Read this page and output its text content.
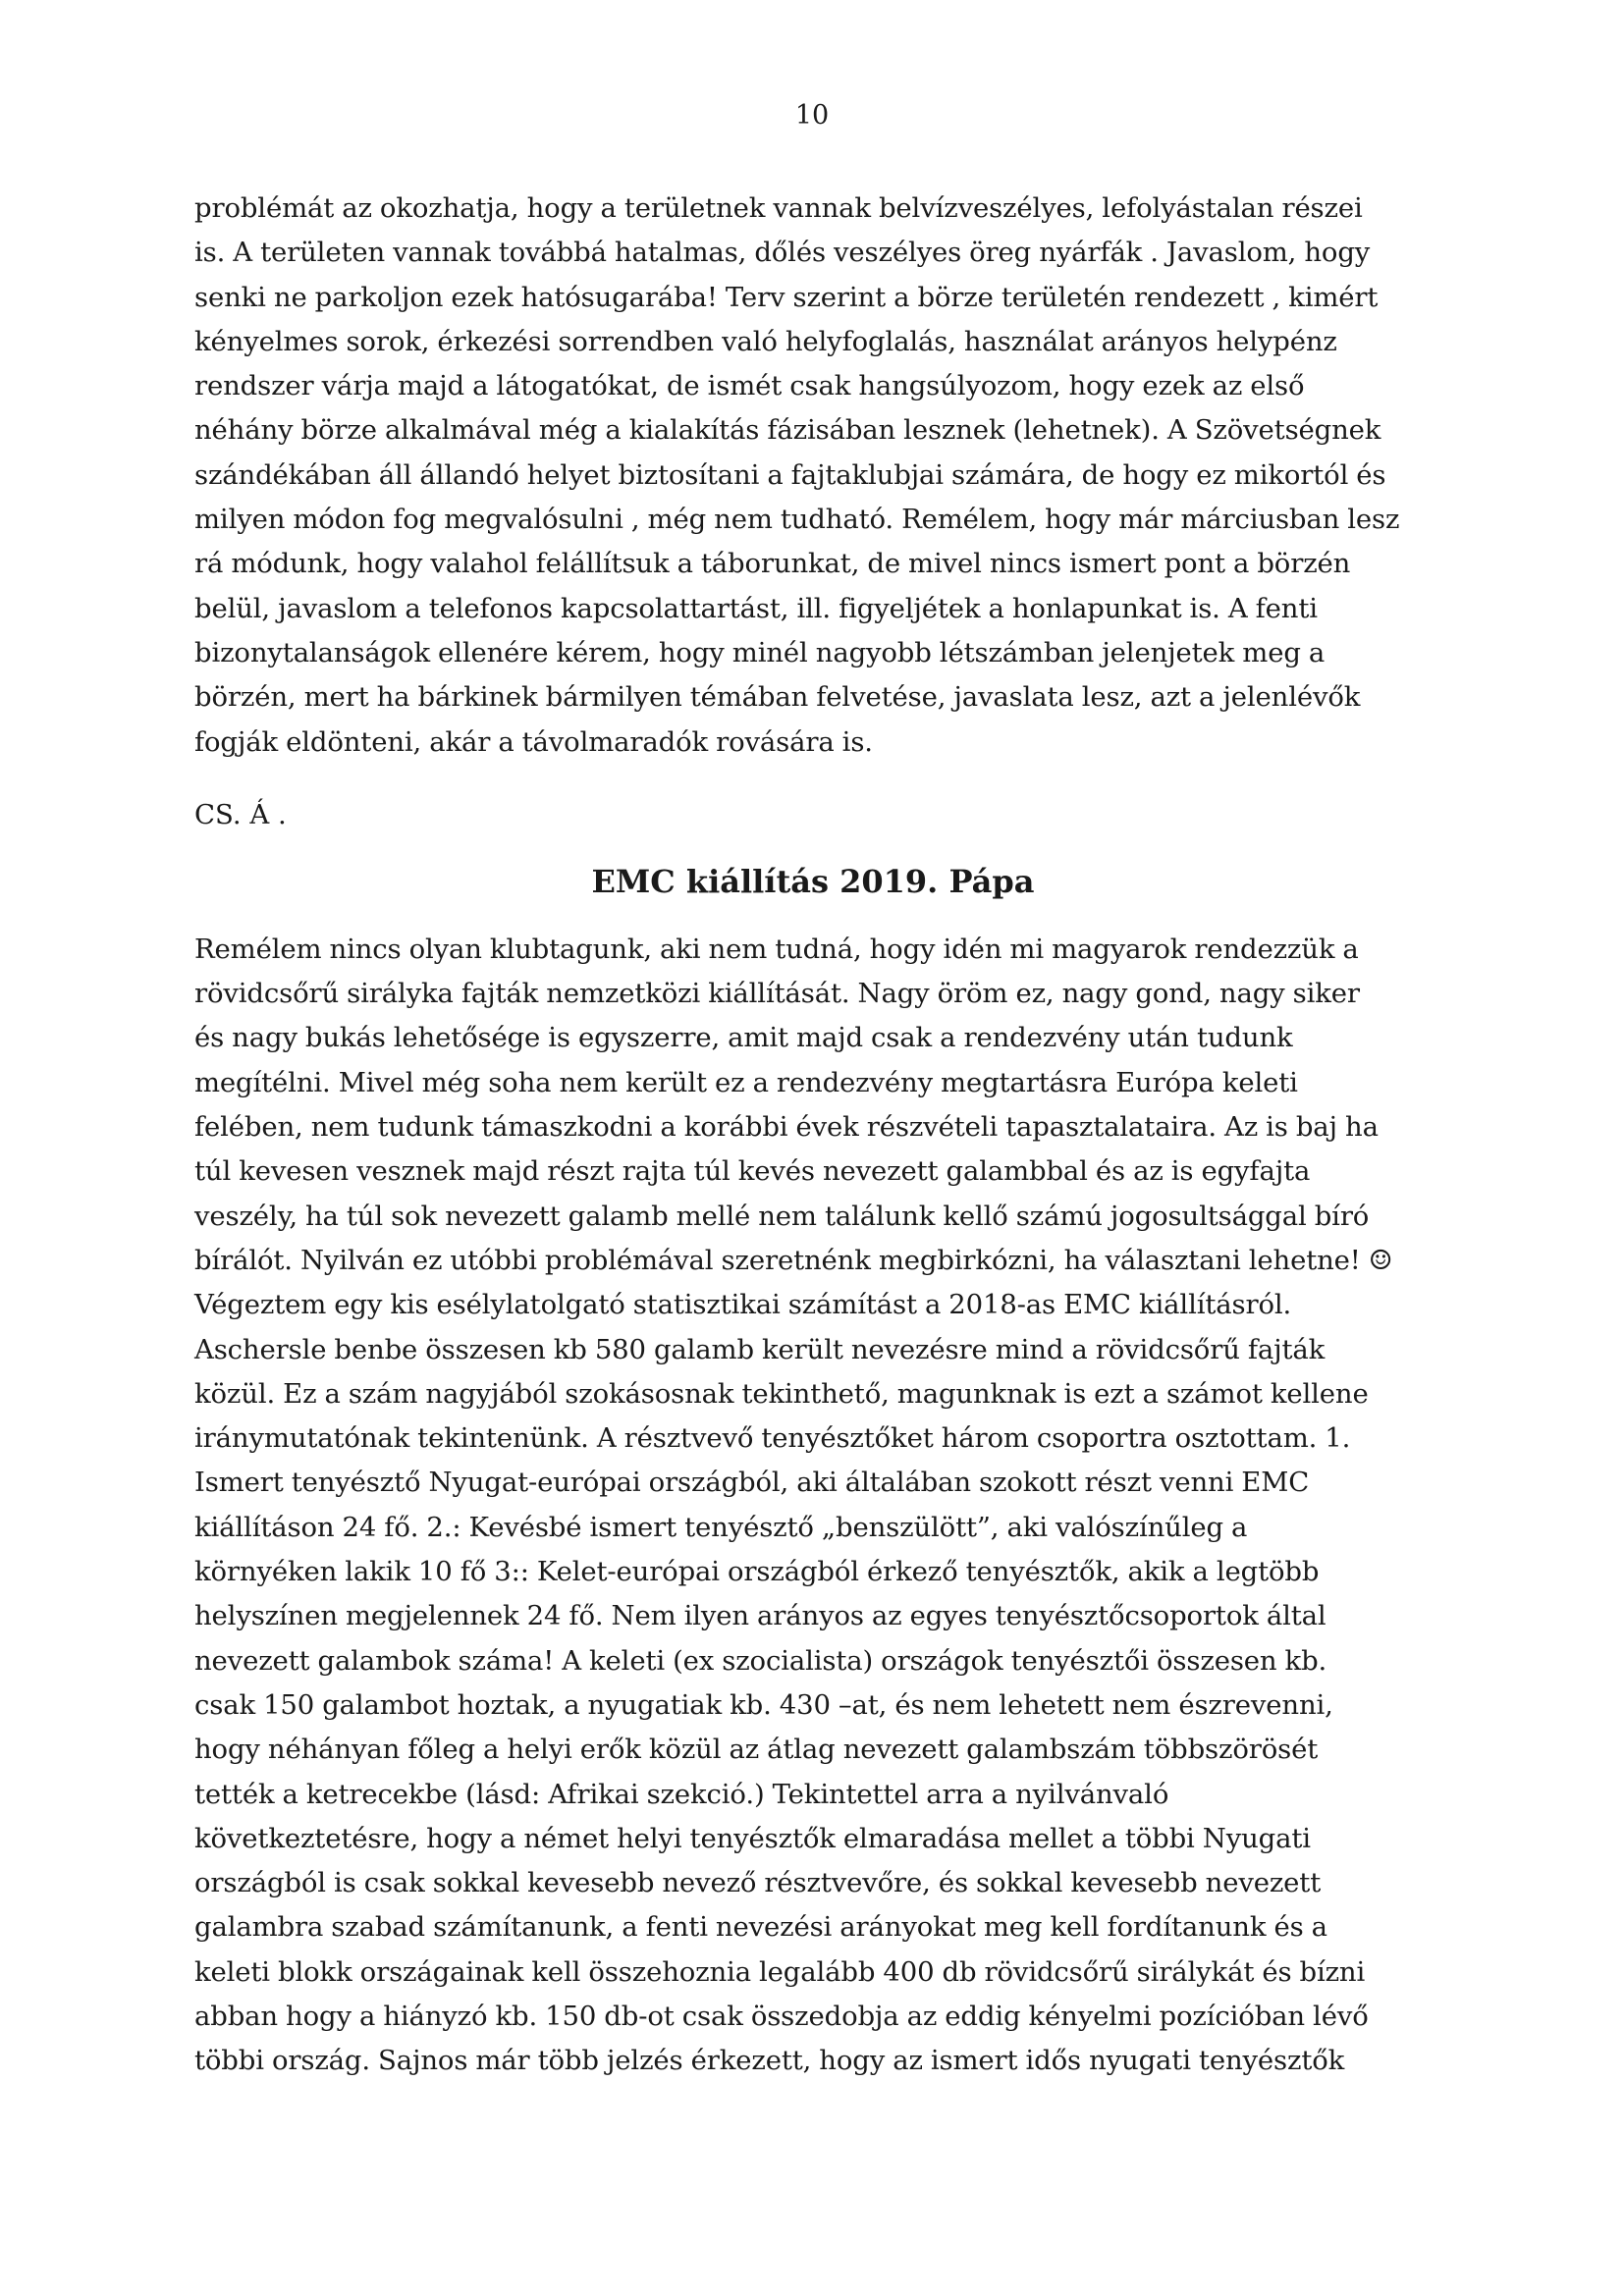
10

problémát az okozhatja, hogy a területnek vannak belvízveszélyes, lefolyástalan részei
is. A területen vannak továbbá hatalmas, dőlés veszélyes öreg nyárfák . Javaslom, hogy
senki ne parkoljon ezek hatósugarába! Terv szerint a börze területén rendezett , kimért
kényelmes sorok, érkezési sorrendben való helyfoglalás, használat arányos helypénz
rendszer várja majd a látogatókat, de ismét csak hangsúlyozom, hogy ezek az első
néhány börze alkalmával még a kialakítás fázisában lesznek (lehetnek). A Szövetségnek
szándékában áll állandó helyet biztosítani a fajtaklubjai számára, de hogy ez mikortól és
milyen módon fog megvalósulni , még nem tudható. Remélem, hogy már márciusban lesz
rá módunk, hogy valahol felállítsuk a táborunkat, de mivel nincs ismert pont a börzén
belül, javaslom a telefonos kapcsolattartást, ill. figyeljétek a honlapunkat is. A fenti
bizonytalanságok ellenére kérem, hogy minél nagyobb létszámban jelenjetek meg a
börzén, mert ha bárkinek bármilyen témában felvetése, javaslata lesz, azt a jelenlévők
fogják eldönteni, akár a távolmaradók rovására is.

CS. Á .

EMC kiállítás 2019. Pápa

Remélem nincs olyan klubtagunk, aki nem tudná, hogy idén mi magyarok rendezzük a
rövidcsőrű sirályka fajták nemzetközi kiállítását. Nagy öröm ez, nagy gond, nagy siker
és nagy bukás lehetősége is egyszerre, amit majd csak a rendezvény után tudunk
megítélni. Mivel még soha nem került ez a rendezvény megtartásra Európa keleti
felében, nem tudunk támaszkodni a korábbi évek részvételi tapasztalataira. Az is baj ha
túl kevesen vesznek majd részt rajta túl kevés nevezett galambbal és az is egyfajta
veszély, ha túl sok nevezett galamb mellé nem találunk kellő számú jogosultsággal bíró
bírálót. Nyilván ez utóbbi problémával szeretnénk megbirkózni, ha választani lehetne! ☺
Végeztem egy kis esélylatolgató statisztikai számítást a 2018-as EMC kiállításról.
Aschersle benbe összesen kb 580 galamb került nevezésre mind a rövidcsőrű fajták
közül. Ez a szám nagyjából szokásosnak tekinthető, magunknak is ezt a számot kellene
iránymutatónak tekintenünk. A résztvevő tenyésztőket három csoportra osztottam. 1.
Ismert tenyésztő Nyugat-európai országból, aki általában szokott részt venni EMC
kiállításon 24 fő. 2.: Kevésbé ismert tenyésztő „benszülött”, aki valószínűleg a
környéken lakik 10 fő 3:: Kelet-európai országból érkező tenyésztők, akik a legtöbb
helyszínen megjelennek 24 fő. Nem ilyen arányos az egyes tenyésztőcsoportok által
nevezett galambok száma! A keleti (ex szocialista) országok tenyésztői összesen kb.
csak 150 galambot hoztak, a nyugatiak kb. 430 –at, és nem lehetett nem észrevenni,
hogy néhányan főleg a helyi erők közül az átlag nevezett galambszám többszörösét
tették a ketrecekbe (lásd: Afrikai szekció.) Tekintettel arra a nyilvánvaló
következtetésre, hogy a német helyi tenyésztők elmaradása mellet a többi Nyugati
országból is csak sokkal kevesebb nevező résztvevőre, és sokkal kevesebb nevezett
galambra szabad számítanunk, a fenti nevezési arányokat meg kell fordítanunk és a
keleti blokk országainak kell összehoznia legalább 400 db rövidcsőrű sirálykát és bízni
abban hogy a hiányzó kb. 150 db-ot csak összedobja az eddig kényelmi pozícióban lévő
többi ország. Sajnos már több jelzés érkezett, hogy az ismert idős nyugati tenyésztők
